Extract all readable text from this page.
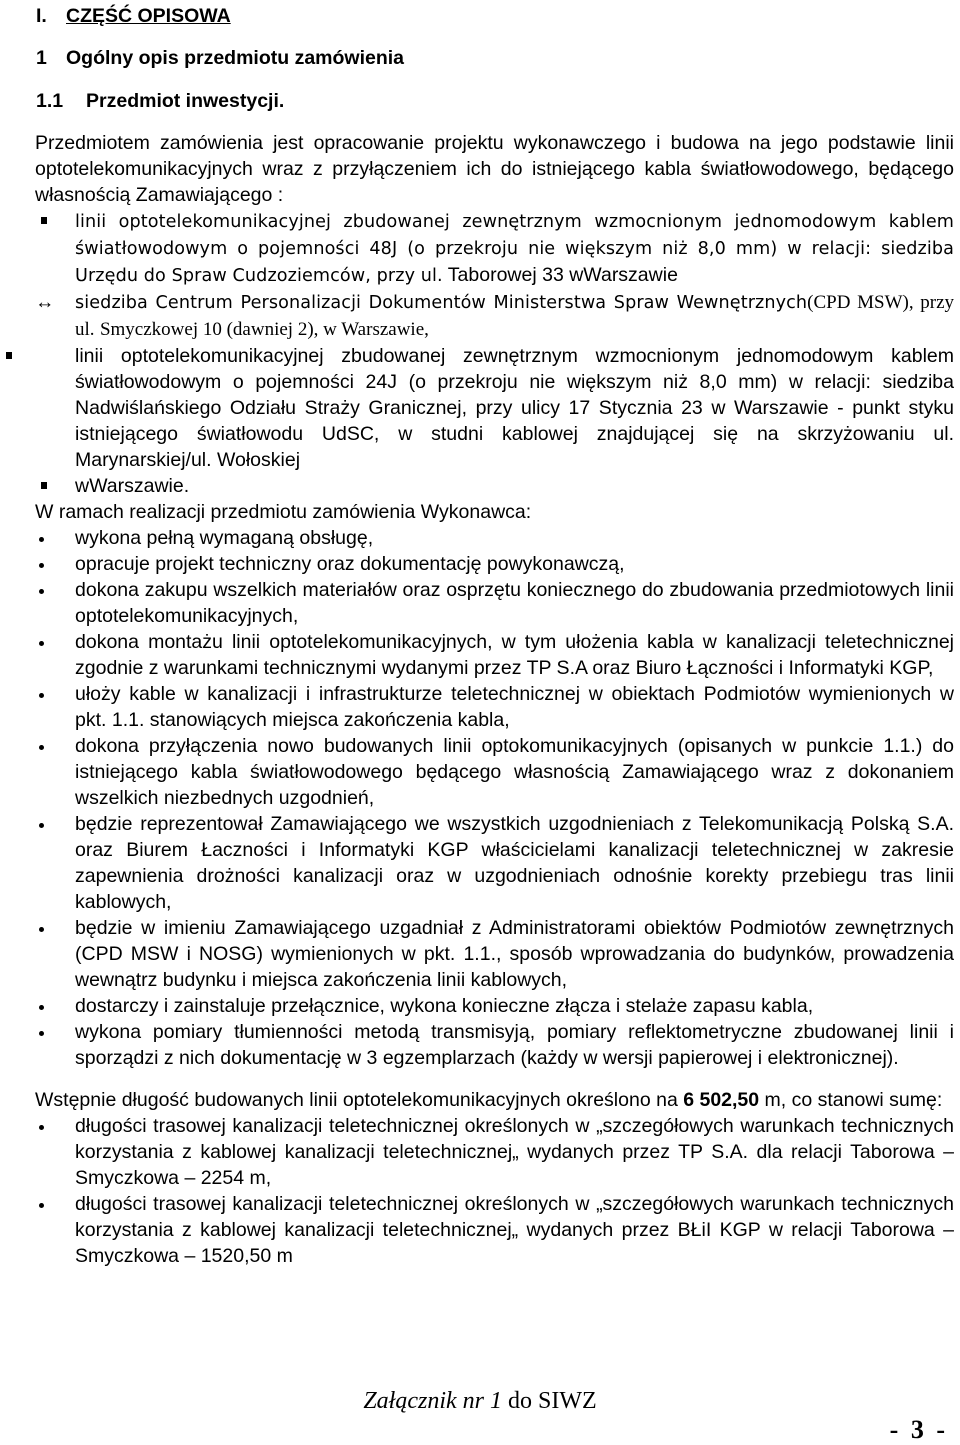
I. CZĘŚĆ OPISOWA
1 Ogólny opis przedmiotu zamówienia
1.1 Przedmiot inwestycji.

Przedmiotem zamówienia jest opracowanie projektu wykonawczego i budowa na jego podstawie linii optotelekomunikacyjnych wraz z przyłączeniem ich do istniejącego kabla światłowodowego, będącego własnością Zamawiającego :

linii optotelekomunikacyjnej zbudowanej zewnętrznym wzmocnionym jednomodowym kablem światłowodowym o pojemności 48J (o przekroju nie większym niż 8,0 mm) w relacji: siedziba Urzędu do Spraw Cudzoziemców, przy ul. Taborowej 33 wWarszawie
↔ siedziba Centrum Personalizacji Dokumentów Ministerstwa Spraw Wewnętrznych(CPD MSW), przy ul. Smyczkowej 10 (dawniej 2), w Warszawie,
linii optotelekomunikacyjnej zbudowanej zewnętrznym wzmocnionym jednomodowym kablem światłowodowym o pojemności 24J (o przekroju nie większym niż 8,0 mm) w relacji: siedziba Nadwiślańskiego Odziału Straży Granicznej, przy ulicy 17 Stycznia 23 w Warszawie - punkt styku istniejącego światłowodu UdSC, w studni kablowej znajdującej się na skrzyżowaniu ul. Marynarskiej/ul. Wołoskiej
wWarszawie.

W ramach realizacji przedmiotu zamówienia Wykonawca:

wykona pełną wymaganą obsługę,
opracuje projekt techniczny oraz dokumentację powykonawczą,
dokona zakupu wszelkich materiałów oraz osprzętu koniecznego do zbudowania przedmiotowych linii optotelekomunikacyjnych,
dokona montażu linii optotelekomunikacyjnych, w tym ułożenia kabla w kanalizacji teletechnicznej zgodnie z warunkami technicznymi wydanymi przez TP S.A oraz Biuro Łączności i Informatyki KGP,
ułoży kable w kanalizacji i infrastrukturze teletechnicznej w obiektach Podmiotów wymienionych w pkt. 1.1. stanowiących miejsca zakończenia kabla,
dokona przyłączenia nowo budowanych linii optokomunikacyjnych (opisanych w punkcie 1.1.) do istniejącego kabla światłowodowego będącego własnością Zamawiającego wraz z dokonaniem wszelkich niezbednych uzgodnień,
będzie reprezentował Zamawiającego we wszystkich uzgodnieniach z Telekomunikacją Polską S.A. oraz Biurem Łaczności i Informatyki KGP właścicielami kanalizacji teletechnicznej w zakresie zapewnienia drożności kanalizacji oraz w uzgodnieniach odnośnie korekty przebiegu tras linii kablowych,
będzie w imieniu Zamawiającego uzgadniał z Administratorami obiektów Podmiotów zewnętrznych (CPD MSW i NOSG) wymienionych w pkt. 1.1., sposób wprowadzania do budynków, prowadzenia wewnątrz budynku i miejsca zakończenia linii kablowych,
dostarczy i zainstaluje przełącznice, wykona konieczne złącza i stelaże zapasu kabla,
wykona pomiary tłumienności metodą transmisyją, pomiary reflektometryczne zbudowanej linii i sporządzi z nich dokumentację w 3 egzemplarzach (każdy w wersji papierowej i elektronicznej).

Wstępnie długość budowanych linii optotelekomunikacyjnych określono na 6 502,50 m, co stanowi sumę:

długości trasowej kanalizacji teletechnicznej określonych w „szczegółowych warunkach technicznych korzystania z kablowej kanalizacji teletechnicznej„ wydanych przez TP S.A. dla relacji Taborowa – Smyczkowa – 2254 m,
długości trasowej kanalizacji teletechnicznej określonych w „szczegółowych warunkach technicznych korzystania z kablowej kanalizacji teletechnicznej„ wydanych przez BŁiI KGP w relacji Taborowa – Smyczkowa – 1520,50 m
Załącznik nr 1 do SIWZ
- 3 -
